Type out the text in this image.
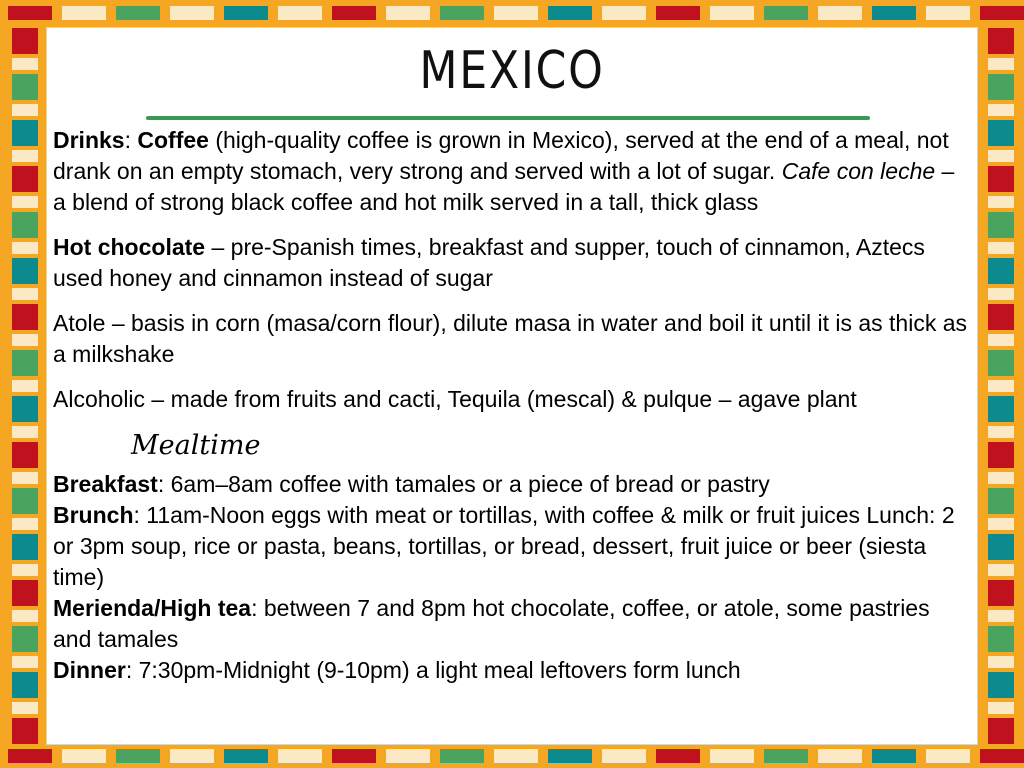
MEXICO

Drinks: Coffee (high-quality coffee is grown in Mexico), served at the end of a meal, not drank on an empty stomach, very strong and served with a lot of sugar. Cafe con leche – a blend of strong black coffee and hot milk served in a tall, thick glass

Hot chocolate – pre-Spanish times, breakfast and supper, touch of cinnamon, Aztecs used honey and cinnamon instead of sugar

Atole – basis in corn (masa/corn flour), dilute masa in water and boil it until it is as thick as a milkshake

Alcoholic – made from fruits and cacti, Tequila (mescal) & pulque – agave plant

Mealtime

Breakfast: 6am–8am coffee with tamales or a piece of bread or pastry

Brunch: 11am-Noon eggs with meat or tortillas, with coffee & milk or fruit juices Lunch: 2 or 3pm soup, rice or pasta, beans, tortillas, or bread, dessert, fruit juice or beer (siesta time)

Merienda/High tea: between 7 and 8pm hot chocolate, coffee, or atole, some pastries and tamales

Dinner: 7:30pm-Midnight (9-10pm) a light meal leftovers form lunch
